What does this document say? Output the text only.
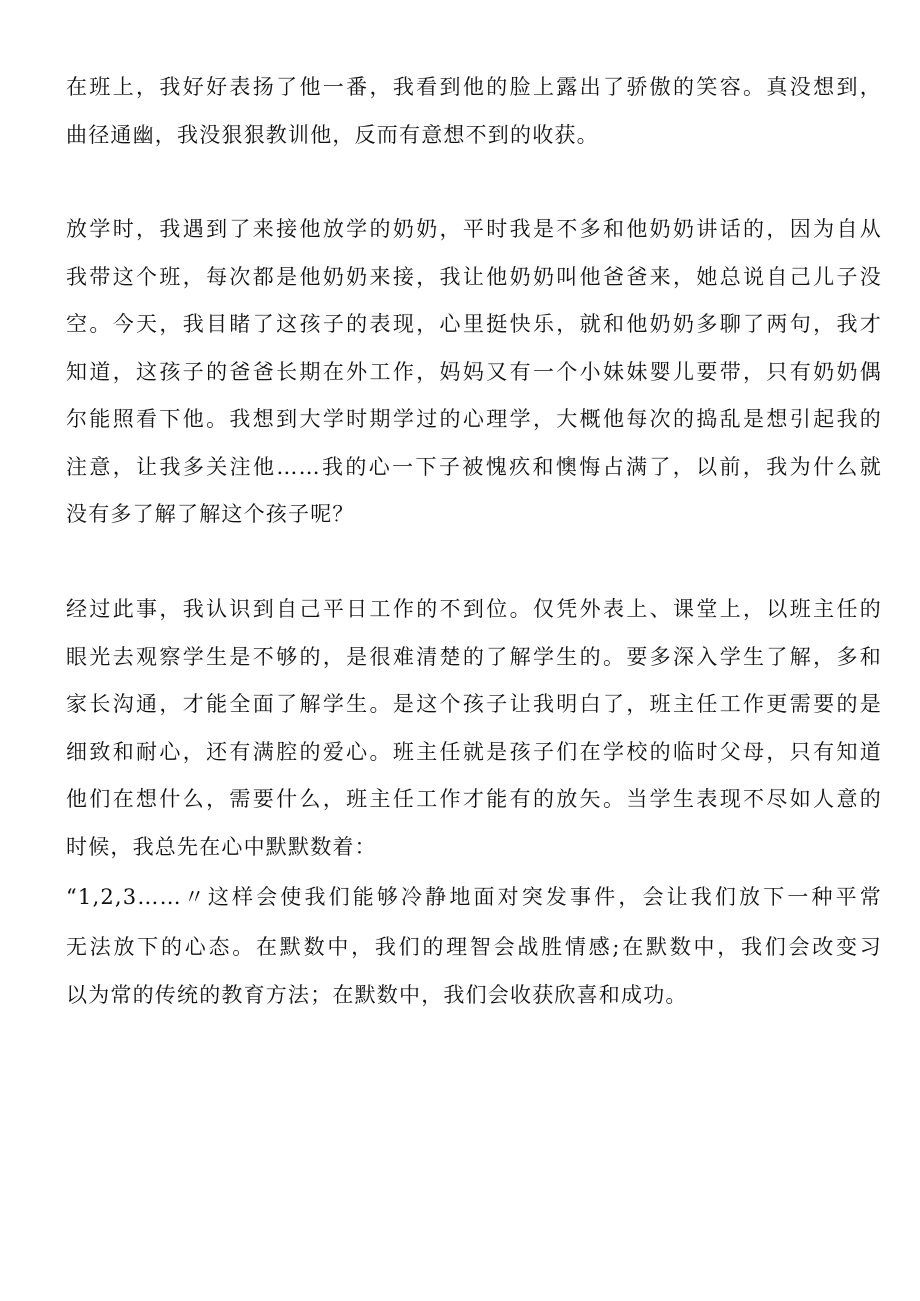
在班上，我好好表扬了他一番，我看到他的脸上露出了骄傲的笑容。真没想到，
曲径通幽，我没狠狠教训他，反而有意想不到的收获。
放学时，我遇到了来接他放学的奶奶，平时我是不多和他奶奶讲话的，因为自从
我带这个班，每次都是他奶奶来接，我让他奶奶叫他爸爸来，她总说自己儿子没
空。今天，我目睹了这孩子的表现，心里挺快乐，就和他奶奶多聊了两句，我才
知道，这孩子的爸爸长期在外工作，妈妈又有一个小妹妹婴儿要带，只有奶奶偶
尔能照看下他。我想到大学时期学过的心理学，大概他每次的捣乱是想引起我的
注意，让我多关注他……我的心一下子被愧疚和懊悔占满了，以前，我为什么就
没有多了解了解这个孩子呢？
经过此事，我认识到自己平日工作的不到位。仅凭外表上、课堂上，以班主任的
眼光去观察学生是不够的，是很难清楚的了解学生的。要多深入学生了解，多和
家长沟通，才能全面了解学生。是这个孩子让我明白了，班主任工作更需要的是
细致和耐心，还有满腔的爱心。班主任就是孩子们在学校的临时父母，只有知道
他们在想什么，需要什么，班主任工作才能有的放矢。当学生表现不尽如人意的
时候，我总先在心中默默数着：
“1,2,3……〃这样会使我们能够冷静地面对突发事件，会让我们放下一种平常
无法放下的心态。在默数中，我们的理智会战胜情感;在默数中，我们会改变习
以为常的传统的教育方法；在默数中，我们会收获欣喜和成功。
